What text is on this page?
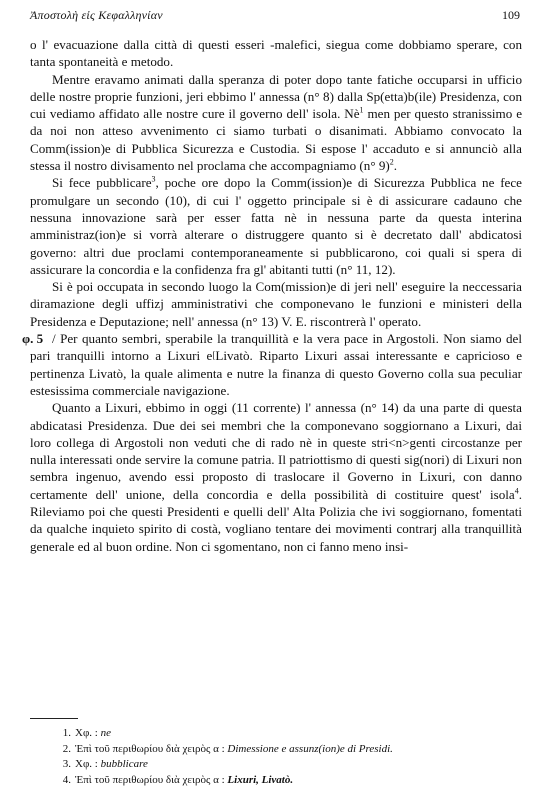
Ἀποστολὴ εἰς Κεφαλληνίαν	109

o l' evacuazione dalla città di questi esseri -malefici, siegua come dobbiamo sperare, con tanta spontaneità e metodo.

Mentre eravamo animati dalla speranza di poter dopo tante fatiche occuparsi in ufficio delle nostre proprie funzioni, jeri ebbimo l' annessa (n° 8) dalla Sp(etta)b(ile) Presidenza, con cui vediamo affidato alle nostre cure il governo dell' isola. $Nè^1$ men per questo stranissimo e da noi non atteso avvenimento ci siamo turbati o disanimati. Abbiamo convocato la Comm(ission)e di Pubblica Sicurezza e Custodia. Si espose l' accaduto e si annunciò alla stessa il nostro divisamento nel proclama che accompagniamo (n° 9)$^2$.

Si fece pubblicare$^3$, poche ore dopo la Comm(ission)e di Sicurezza Pubblica ne fece promulgare un secondo (10), di cui l' oggetto principale si è di assicurare cadauno che nessuna innovazione sarà per esser fatta nè in nessuna parte da questa interina amministraz(ion)e si vorrà alterare o distruggere quanto si è decretato dall' abdicatosi governo: altri due proclami contemporaneamente si pubblicarono, coi quali si spera di assicurare la concordia e la confidenza fra gl' abitanti tutti (n° 11, 12).

Si è poi occupata in secondo luogo la Com(mission)e di jeri nell' eseguire la neccessaria diramazione degli uffizj amministrativi che componevano le funzioni e ministeri della Presidenza e Deputazione; nell' annessa (n° 13) V. E. riscontrerà l' operato.

φ. 5 / Per quanto sembri, sperabile la tranquillità e la vera pace in Argostoli. Non siamo del pari tranquilli intorno a Lixuri e[Livatò. Riparto Lixuri assai interessante e capricioso e pertinenza Livatò, la quale alimenta e nutre la finanza di questo Governo colla sua peculiar estesissima commerciale navigazione.

Quanto a Lixuri, ebbimo in oggi (11 corrente) l' annessa (n° 14) da una parte di questa abdicatasi Presidenza. Due dei sei membri che la componevano soggiornano a Lixuri, dai loro collega di Argostoli non veduti che di rado nè in queste stri<n>genti circostanze per nulla interessati onde servire la comune patria. Il patriottismo di questi sig(nori) di Lixuri non sembra ingenuo, avendo essi proposto di traslocare il Governo in Lixuri, con danno certamente dell' unione, della concordia e della possibilità di costituire quest' isola$^4$. Rileviamo poi che questi Presidenti e quelli dell' Alta Polizia che ivi soggiornano, fomentati da qualche inquieto spirito di costà, vogliano tentare dei movimenti contrarj alla tranquillità generale ed al buon ordine. Non ci sgomentano, non ci fanno meno insi-

1. Χφ. : ne
2. Ἐπὶ τοῦ περιθωρίου διὰ χειρὸς α : Dimessione e assunz(ion)e di Presidi.
3. Χφ. : bubblicare
4. Ἐπὶ τοῦ περιθωρίου διὰ χειρὸς α : Lixuri, Livatò.
